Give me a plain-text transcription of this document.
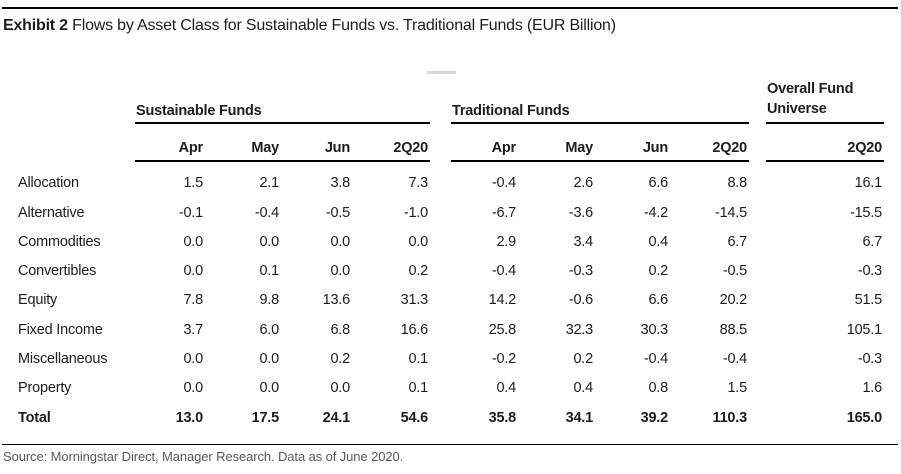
Exhibit 2 Flows by Asset Class for Sustainable Funds vs. Traditional Funds (EUR Billion)
	Sustainable Funds					Traditional Funds					Overall Fund
Universe

	Apr	May	Jun	2Q20		Apr	May	Jun	2Q20		2Q20
Allocation	1.5	2.1	3.8	7.3		-0.4	2.6	6.6	8.8		16.1
Alternative	-0.1	-0.4	-0.5	-1.0		-6.7	-3.6	-4.2	-14.5		-15.5
Commodities	0.0	0.0	0.0	0.0		2.9	3.4	0.4	6.7		6.7
Convertibles	0.0	0.1	0.0	0.2		-0.4	-0.3	0.2	-0.5		-0.3
Equity	7.8	9.8	13.6	31.3		14.2	-0.6	6.6	20.2		51.5
Fixed Income	3.7	6.0	6.8	16.6		25.8	32.3	30.3	88.5		105.1
Miscellaneous	0.0	0.0	0.2	0.1		-0.2	0.2	-0.4	-0.4		-0.3
Property	0.0	0.0	0.0	0.1		0.4	0.4	0.8	1.5		1.6
Total	13.0	17.5	24.1	54.6		35.8	34.1	39.2	110.3		165.0
Source: Morningstar Direct, Manager Research. Data as of June 2020.
